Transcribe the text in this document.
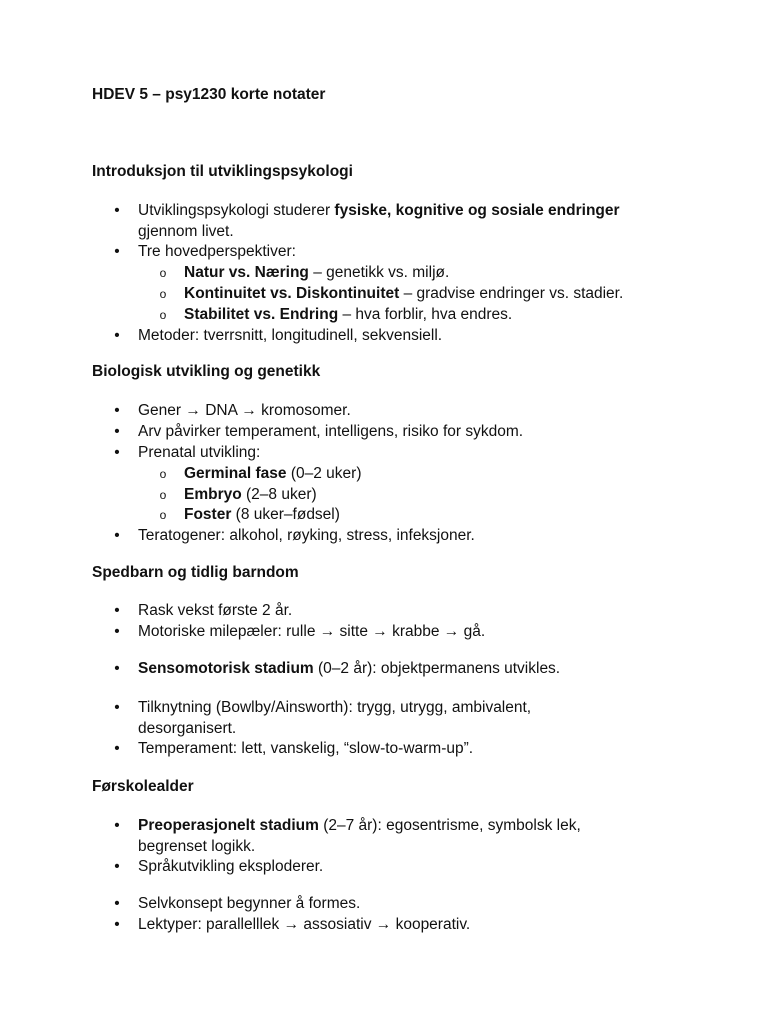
HDEV 5 – psy1230 korte notater

Introduksjon til utviklingspsykologi

• Utviklingspsykologi studerer fysiske, kognitive og sosiale endringer
gjennom livet.
• Tre hovedperspektiver:
o Natur vs. Næring – genetikk vs. miljø.
o Kontinuitet vs. Diskontinuitet – gradvise endringer vs. stadier.
o Stabilitet vs. Endring – hva forblir, hva endres.
• Metoder: tverrsnitt, longitudinell, sekvensiell.

Biologisk utvikling og genetikk

• Gener → DNA → kromosomer.
• Arv påvirker temperament, intelligens, risiko for sykdom.
• Prenatal utvikling:
o Germinal fase (0–2 uker)
o Embryo (2–8 uker)
o Foster (8 uker–fødsel)
• Teratogener: alkohol, røyking, stress, infeksjoner.

Spedbarn og tidlig barndom

• Rask vekst første 2 år.
• Motoriske milepæler: rulle → sitte → krabbe → gå.
• Sensomotorisk stadium (0–2 år): objektpermanens utvikles.
• Tilknytning (Bowlby/Ainsworth): trygg, utrygg, ambivalent,
desorganisert.
• Temperament: lett, vanskelig, “slow-to-warm-up”.

Førskolealder

• Preoperasjonelt stadium (2–7 år): egosentrisme, symbolsk lek,
begrenset logikk.
• Språkutvikling eksploderer.
• Selvkonsept begynner å formes.
• Lektyper: parallelllek → assosiativ → kooperativ.
